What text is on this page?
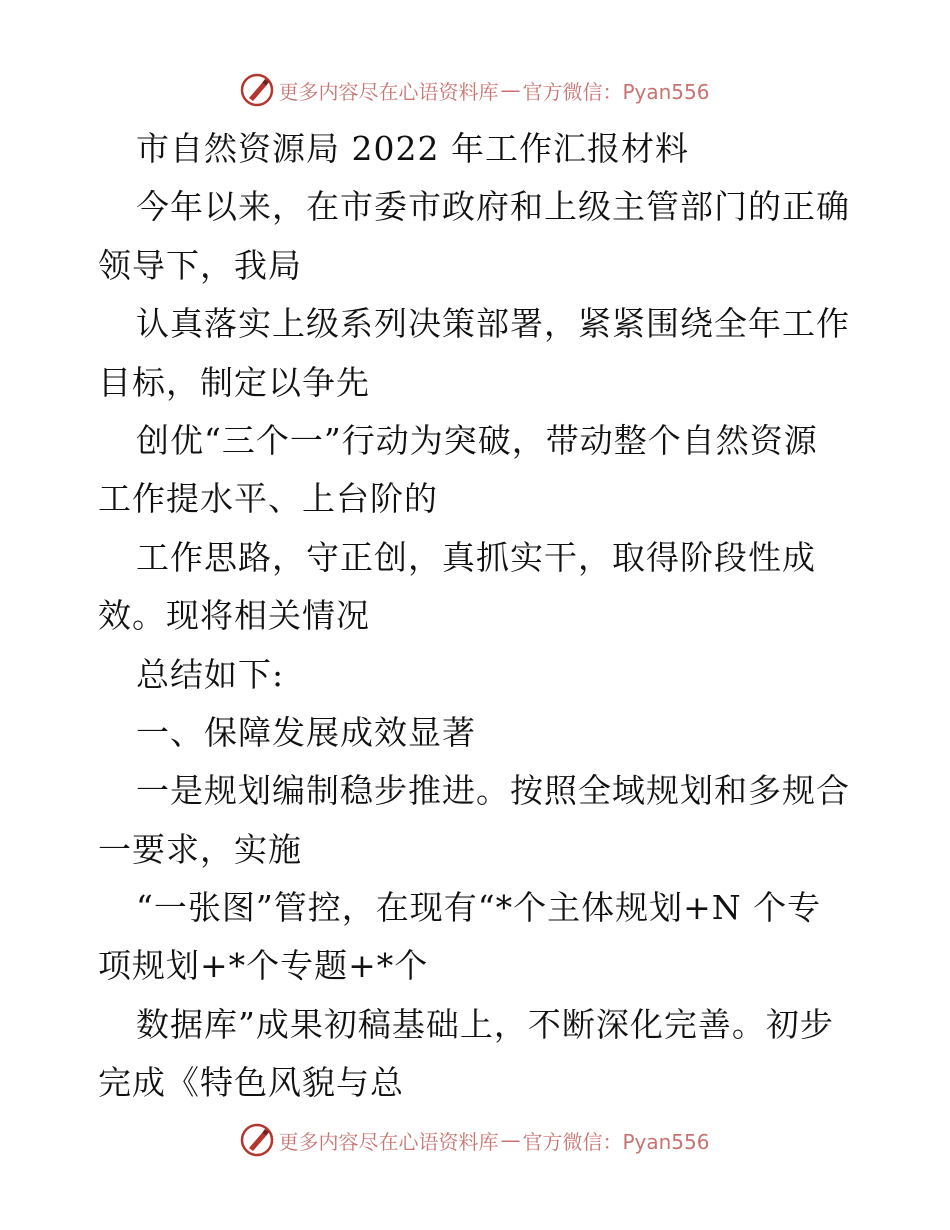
更多内容尽在心语资料库 — 官方微信：Pyan556
市自然资源局 2022 年工作汇报材料
今年以来，在市委市政府和上级主管部门的正确
领导下，我局
认真落实上级系列决策部署，紧紧围绕全年工作
目标，制定以争先
创优“三个一”行动为突破，带动整个自然资源
工作提水平、上台阶的
工作思路，守正创，真抓实干，取得阶段性成
效。现将相关情况
总结如下:
一、保障发展成效显著
一是规划编制稳步推进。按照全域规划和多规合
一要求，实施
“一张图”管控，在现有“*个主体规划+N 个专
项规划+*个专题+*个
数据库”成果初稿基础上，不断深化完善。初步
完成《特色风貌与总
更多内容尽在心语资料库 — 官方微信：Pyan556
